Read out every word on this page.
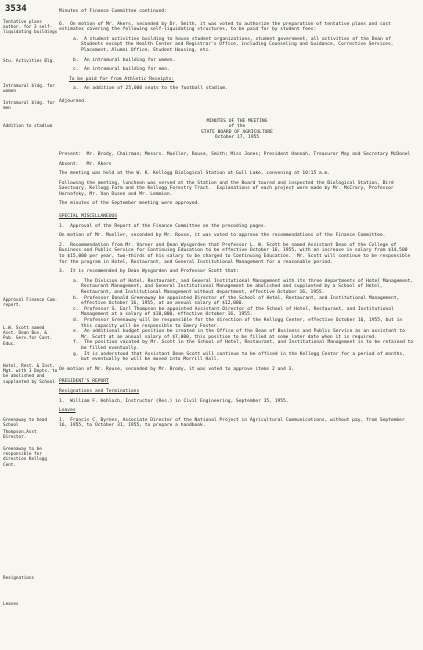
3534
Tentative plans author. for 3 self-liquidating buildings
Stu. Activities Blg.
Intramural bldg. for women
Intramural bldg. for men
Addition to stadium
Approval Finance Com. report.
L.W. Scott named Asst. Dean Bus. & Pub. Serv.for Cont. Educ.
Hotel, Rest. & Inst. Mgt. with 3 Depts. to be abolished and supplanted by School
Greenaway to head School
Thompson,Asst Director.
Greenaway to be responsible for direction Kellogg Cent.
Resignations
Leaves
Minutes of Finance Committee continued:
6.  On motion of Mr. Akers, seconded by Dr. Smith, it was voted to authorize the preparation of tentative plans and cost estimates covering the following self-liquidating structures, to be paid for by student fees:
a.  A student activities building to house student organizations, student government, all activities of the Dean of Students except the Health Center and Registrar's Office, including Counseling and Guidance, Corrective Services, Placement, Alumni Office, Student Housing, etc.
b.  An intramural building for women.
c.  An intramural building for men.
To be paid for from Athletic Receipts:
a.  An addition of 25,000 seats to the football stadium.
Adjourned.
MINUTES OF THE MEETING
of the
STATE BOARD OF AGRICULTURE
October 17, 1955
Present:  Mr. Brody, Chairman; Messrs. Mueller, Rouse, Smith; Miss Jones; President Hannah, Treasurer May and Secretary McDonel
Absent:   Mr. Akers
The meeting was held at the W. K. Kellogg Biological Station at Gull Lake, convening at 10:15 a.m.
Following the meeting, luncheon was served at the Station and the Board toured and inspected the Biological Station, Bird Sanctuary, Kellogg Farm and the Kellogg Forestry Tract.  Explanations of each project were made by Mr. McCrary, Professor Hornofsky, Mr. Van Dusen and Mr. Lemmien.
The minutes of the September meeting were approved.
SPECIAL MISCELLANEOUS
1.  Approval of the Report of the Finance Committee on the preceding pages.
On motion of Mr. Mueller, seconded by Mr. Rouse, it was voted to approve the recommendations of the Finance Committee.
2.  Recommendation from Mr. Varner and Dean Wysgarden that Professor L. W. Scott be named Assistant Dean of the College of Business and Public Service for Continuing Education to be effective October 16, 1955, with an increase in salary from $14,500 to $15,000 per year, two-thirds of his salary to be charged to Continuing Education.  Mr. Scott will continue to be responsible for the program in Hotel, Restaurant, and General Institutional Management for a reasonable period.
3.  It is recommended by Dean Wysgarden and Professor Scott that:
a.  The Division of Hotel, Restaurant, and General Institutional Management with its three departments of Hotel Management, Restaurant Management, and General Institutional Management be abolished and supplanted by a School of Hotel, Restaurant, and Institutional Management without department, effective October 16, 1955.
b.  Professor Donald Greenaway be appointed Director of the School of Hotel, Restaurant, and Institutional Management, effective October 16, 1955, at an annual salary of $12,000.
c.  Professor S. Earl Thompson be appointed Assistant Director of the School of Hotel, Restaurant, and Institutional Management at a salary of $10,000, effective October 16, 1955.
d.  Professor Greenaway will be responsible for the direction of the Kellogg Center, effective October 16, 1955, but in this capacity will be responsible to Emery Foster.
e.  An additional budget position be created in the Office of the Dean of Business and Public Service as an assistant to Mr. Scott at an annual salary of $7,000, this position to be filled at some later date when it is required.
f.  The position vacated by Mr. Scott in the School of Hotel, Restaurant, and Institutional Management is to be retained to be filled eventually.
g.  It is understood that Assistant Dean Scott will continue to be officed in the Kellogg Center for a period of months, but eventually he will be moved into Morrill Hall.
On motion of Mr. Rouse, seconded by Mr. Brody, it was voted to approve items 2 and 3.
PRESIDENT'S REPORT
Resignations and Terminations
1.  William F. Hohloch, Instructor (Res.) in Civil Engineering, September 15, 1955.
Leaves
1.  Francis C. Byrnes, Associate Director of the National Project in Agricultural Communications, without pay, from September 16, 1955, to October 31, 1955, to prepare a handbook.
